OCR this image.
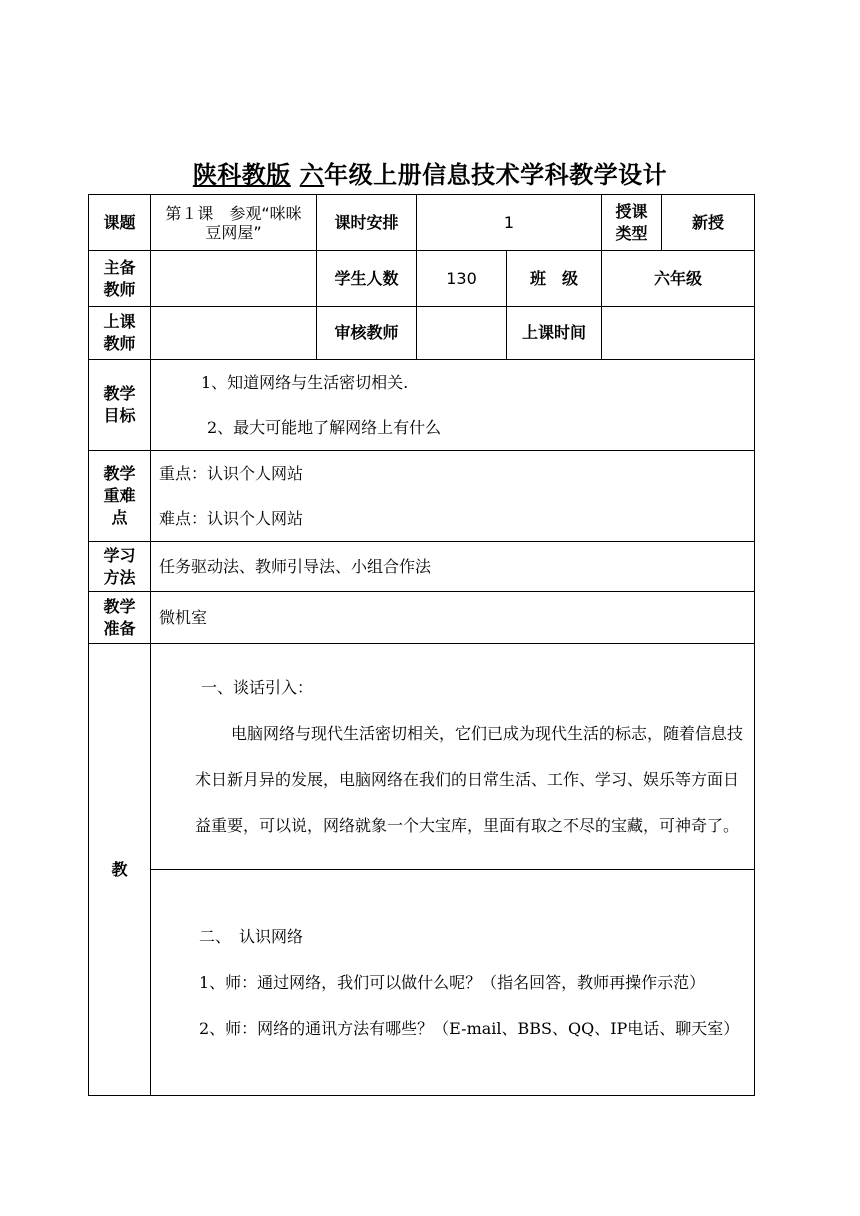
陕科教版 六年级上册信息技术学科教学设计
课题	第１课　参观“咪咪豆网屋”	课时安排	1		授课类型	新授
主备教师		学生人数	130	班　级	六年级	
上课教师		审核教师		上课时间		
教学目标	1、知道网络与生活密切相关.

2、最大可能地了解网络上有什么					

教学重难点	重点：认识个人网站

难点：认识个人网站					

学习方法	任务驱动法、教师引导法、小组合作法					
教学准备	微机室					
教	一、谈话引入：

电脑网络与现代生活密切相关，它们已成为现代生活的标志，随着信息技术日新月异的发展，电脑网络在我们的日常生活、工作、学习、娱乐等方面日益重要，可以说，网络就象一个大宝库，里面有取之不尽的宝藏，可神奇了。					

	二、　认识网络

1、师：通过网络，我们可以做什么呢？（指名回答，教师再操作示范）

2、师：网络的通讯方法有哪些？（E-mail、BBS、QQ、IP电话、聊天室）					
